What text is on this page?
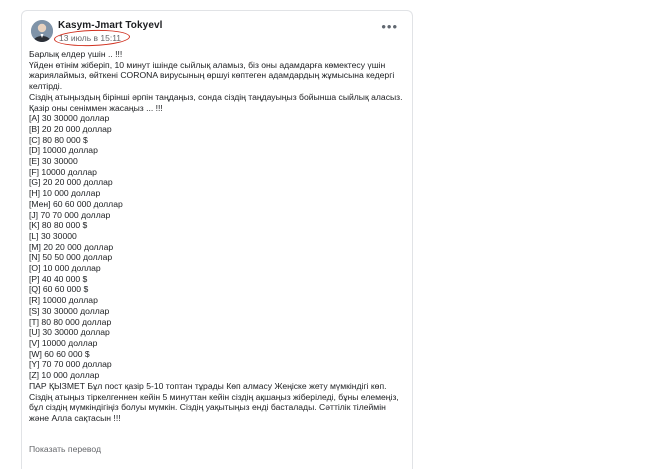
Kasym-Jmart Tokyevl
13 июль в 15:11
•••
Барлық елдер үшін .. !!!
Үйден өтінім жіберіп, 10 минут ішінде сыйлық аламыз, біз оны адамдарға көмектесу үшін жариялаймыз, өйткені CORONA вирусының өршуі көптеген адамдардың жұмысына кедергі келтірді.
Сіздің атыңыздың бірінші әрпін таңдаңыз, сонда сіздің таңдауыңыз бойынша сыйлық аласыз.
Қазір оны сеніммен жасаңыз ... !!!
[A] 30 30000 доллар
[B] 20 20 000 доллар
[C] 80 80 000 $
[D] 10000 доллар
[E] 30 30000
[F] 10000 доллар
[G] 20 20 000 доллар
[H] 10 000 доллар
[Мен] 60 60 000 доллар
[J] 70 70 000 доллар
[K] 80 80 000 $
[L] 30 30000
[M] 20 20 000 доллар
[N] 50 50 000 доллар
[O] 10 000 доллар
[P] 40 40 000 $
[Q] 60 60 000 $
[R] 10000 доллар
[S] 30 30000 доллар
[T] 80 80 000 доллар
[U] 30 30000 доллар
[V] 10000 доллар
[W] 60 60 000 $
[Y] 70 70 000 доллар
[Z] 10 000 доллар
ПАР ҚЫЗМЕТ Бұл пост қазір 5-10 топтан тұрады Көп алмасу Жеңіске жету мүмкіндігі көп. Сіздің атыңыз тіркелгеннен кейін 5 минуттан кейін сіздің ақшаңыз жіберіледі, бұны елемеңіз, бұл сіздің мүмкіндігіңіз болуы мүмкін. Сіздің уақытыңыз енді басталады. Сәттілік тілеймін және Алла сақтасын !!!
Показать перевод
